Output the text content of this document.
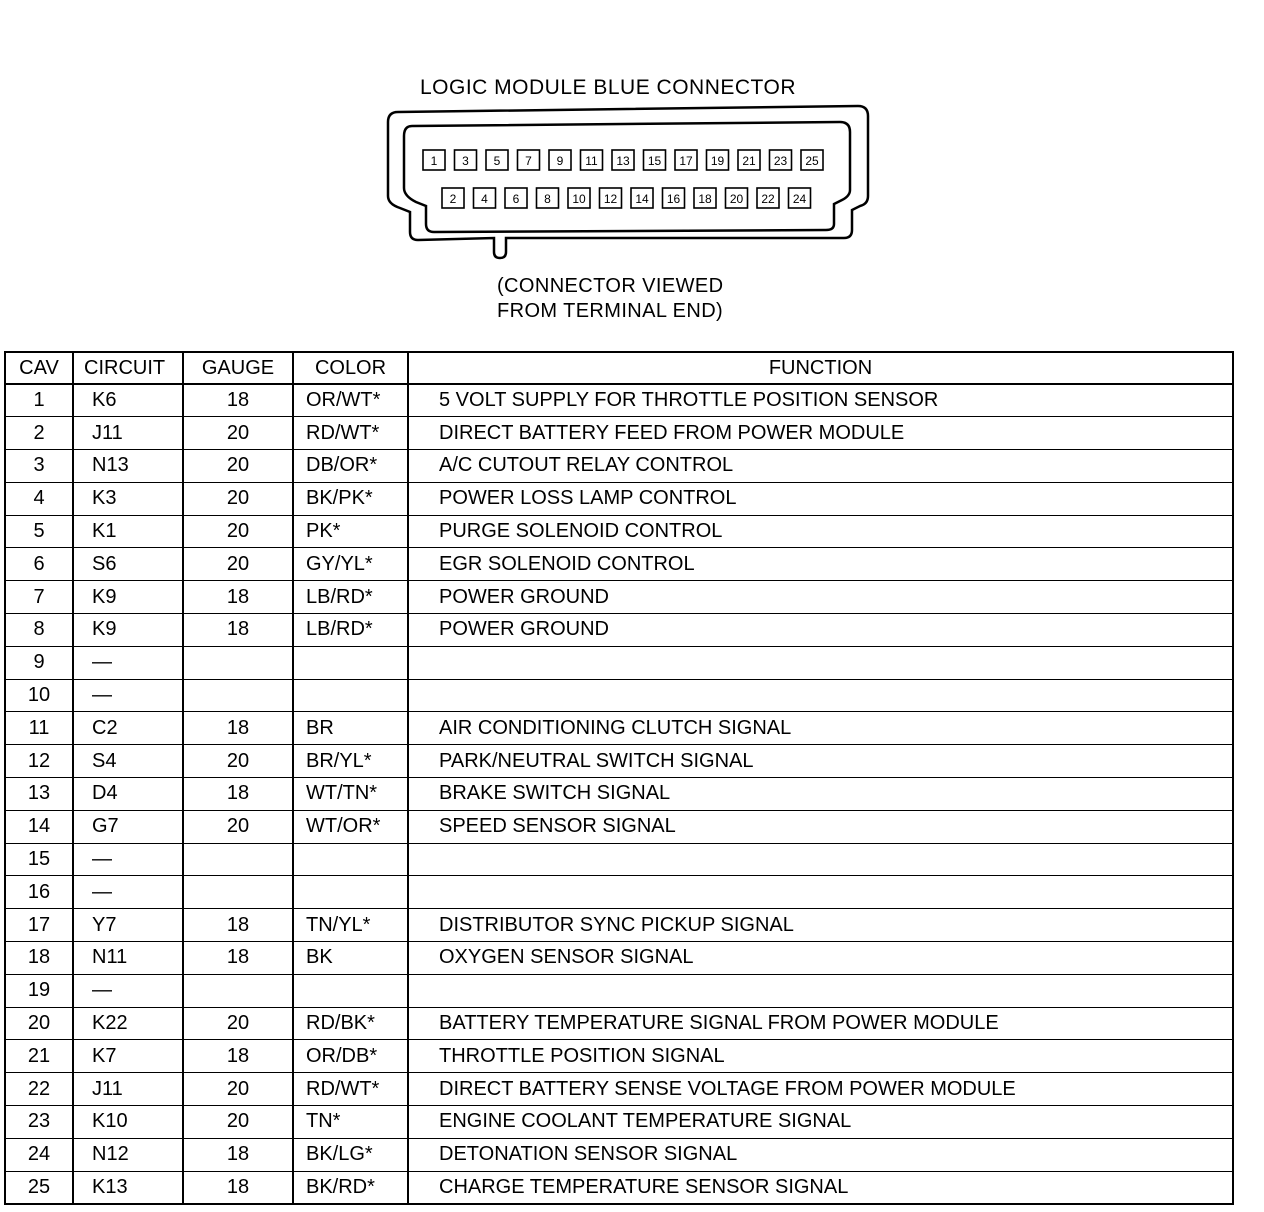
LOGIC MODULE BLUE CONNECTOR
1 3 5 7 9 11 13 15 17 19 21 23 25
2 4 6 8 10 12 14 16 18 20 22 24
(CONNECTOR VIEWED
FROM TERMINAL END)
CAV	CIRCUIT	GAUGE	COLOR	FUNCTION
1	K6	18	OR/WT*	5 VOLT SUPPLY FOR THROTTLE POSITION SENSOR
2	J11	20	RD/WT*	DIRECT BATTERY FEED FROM POWER MODULE
3	N13	20	DB/OR*	A/C CUTOUT RELAY CONTROL
4	K3	20	BK/PK*	POWER LOSS LAMP CONTROL
5	K1	20	PK*	PURGE SOLENOID CONTROL
6	S6	20	GY/YL*	EGR SOLENOID CONTROL
7	K9	18	LB/RD*	POWER GROUND
8	K9	18	LB/RD*	POWER GROUND
9	—			
10	—			
11	C2	18	BR	AIR CONDITIONING CLUTCH SIGNAL
12	S4	20	BR/YL*	PARK/NEUTRAL SWITCH SIGNAL
13	D4	18	WT/TN*	BRAKE SWITCH SIGNAL
14	G7	20	WT/OR*	SPEED SENSOR SIGNAL
15	—			
16	—			
17	Y7	18	TN/YL*	DISTRIBUTOR SYNC PICKUP SIGNAL
18	N11	18	BK	OXYGEN SENSOR SIGNAL
19	—			
20	K22	20	RD/BK*	BATTERY TEMPERATURE SIGNAL FROM POWER MODULE
21	K7	18	OR/DB*	THROTTLE POSITION SIGNAL
22	J11	20	RD/WT*	DIRECT BATTERY SENSE VOLTAGE FROM POWER MODULE
23	K10	20	TN*	ENGINE COOLANT TEMPERATURE SIGNAL
24	N12	18	BK/LG*	DETONATION SENSOR SIGNAL
25	K13	18	BK/RD*	CHARGE TEMPERATURE SENSOR SIGNAL
